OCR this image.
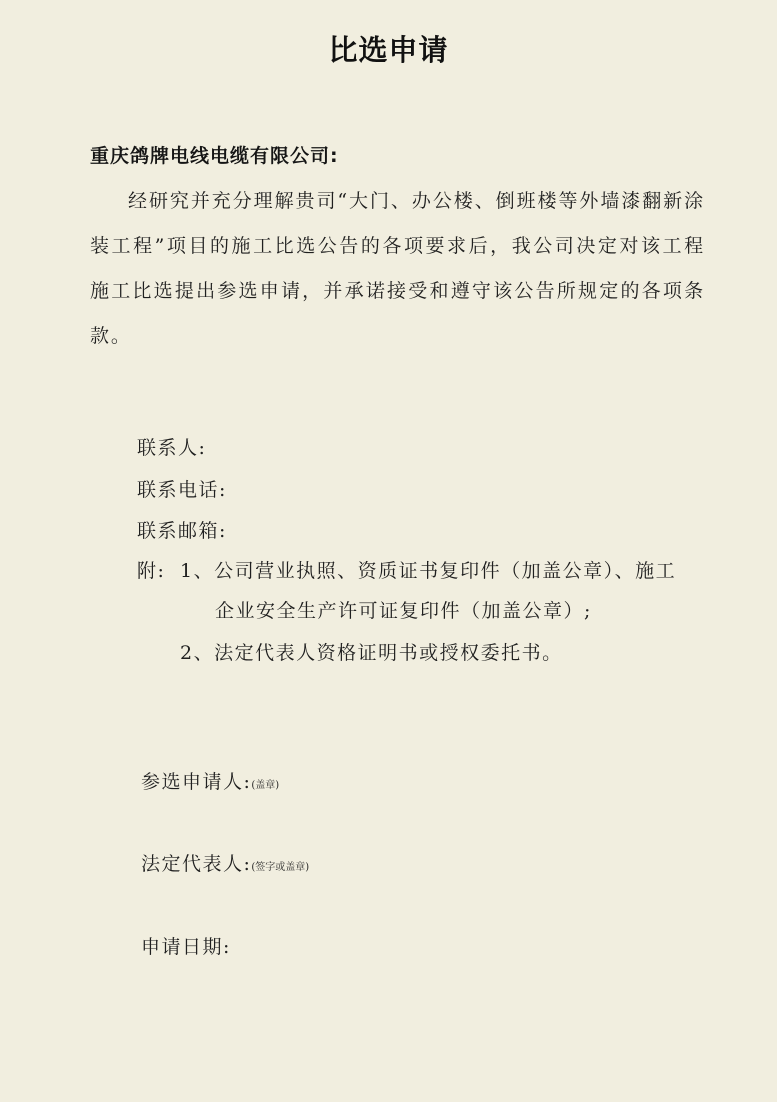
比选申请
重庆鸽牌电线电缆有限公司:

经研究并充分理解贵司“大门、办公楼、倒班楼等外墙漆翻新涂装工程”项目的施工比选公告的各项要求后，我公司决定对该工程施工比选提出参选申请，并承诺接受和遵守该公告所规定的各项条款。

联系人:
联系电话:
联系邮箱:
附: 1、公司营业执照、资质证书复印件（加盖公章）、施工
企业安全生产许可证复印件（加盖公章）;
2、法定代表人资格证明书或授权委托书。
参选申请人:(盖章)
法定代表人:(签字或盖章)
申请日期:
